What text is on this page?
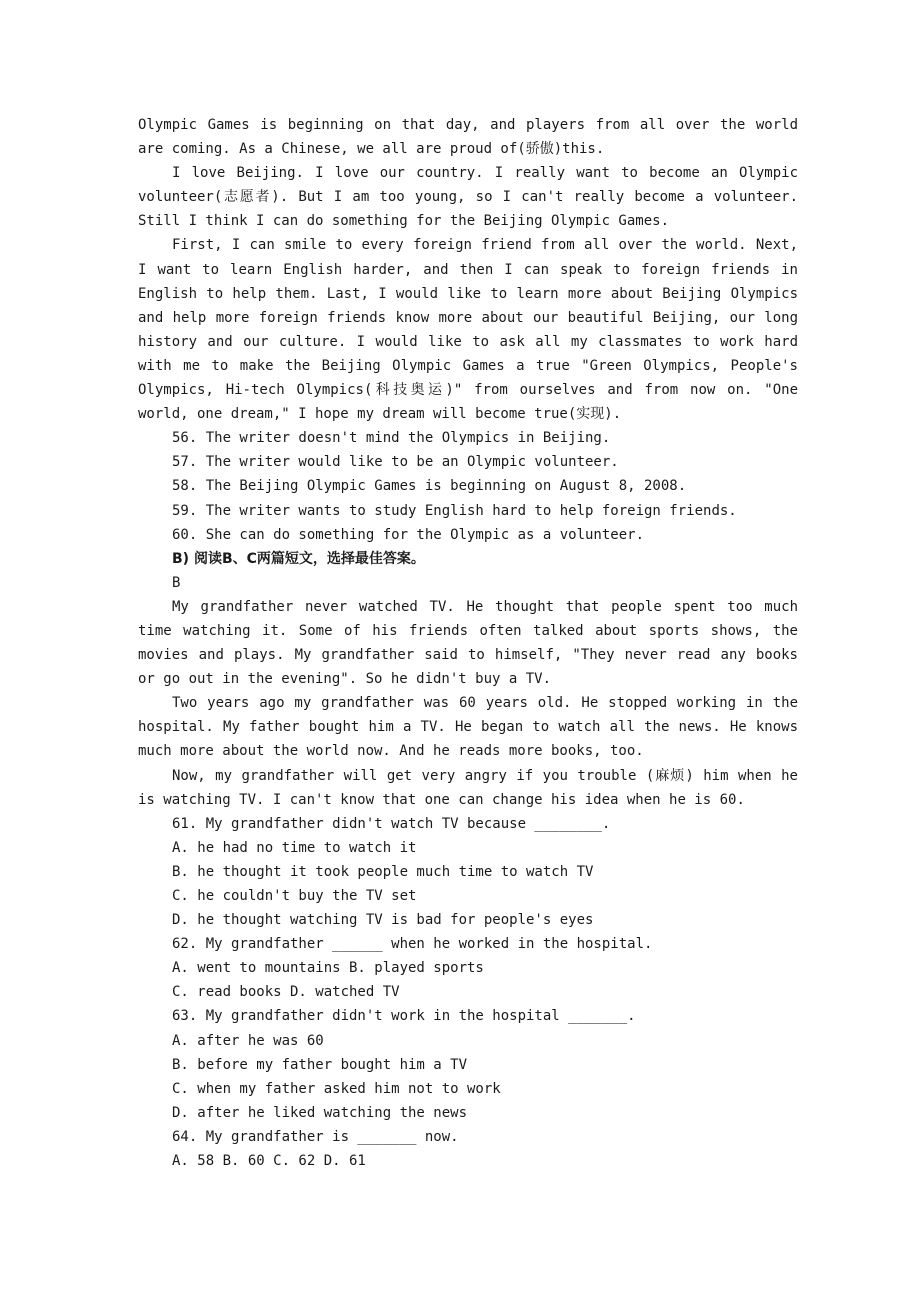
Olympic Games is beginning on that day, and players from all over the world are coming. As a Chinese, we all are proud of(骄傲)this.

I love Beijing. I love our country. I really want to become an Olympic volunteer(志愿者). But I am too young, so I can't really become a volunteer. Still I think I can do something for the Beijing Olympic Games.

First, I can smile to every foreign friend from all over the world. Next, I want to learn English harder, and then I can speak to foreign friends in English to help them. Last, I would like to learn more about Beijing Olympics and help more foreign friends know more about our beautiful Beijing, our long history and our culture. I would like to ask all my classmates to work hard with me to make the Beijing Olympic Games a true "Green Olympics, People's Olympics, Hi-tech Olympics(科技奥运)" from ourselves and from now on. "One world, one dream," I hope my dream will become true(实现).

56. The writer doesn't mind the Olympics in Beijing.

57. The writer would like to be an Olympic volunteer.

58. The Beijing Olympic Games is beginning on August 8, 2008.

59. The writer wants to study English hard to help foreign friends.

60. She can do something for the Olympic as a volunteer.

B) 阅读B、C两篇短文，选择最佳答案。

B

My grandfather never watched TV. He thought that people spent too much time watching it. Some of his friends often talked about sports shows, the movies and plays. My grandfather said to himself, "They never read any books or go out in the evening". So he didn't buy a TV.

Two years ago my grandfather was 60 years old. He stopped working in the hospital. My father bought him a TV. He began to watch all the news. He knows much more about the world now. And he reads more books, too.

Now, my grandfather will get very angry if you trouble (麻烦) him when he is watching TV. I can't know that one can change his idea when he is 60.

61. My grandfather didn't watch TV because ________.

A. he had no time to watch it

B. he thought it took people much time to watch TV

C. he couldn't buy the TV set

D. he thought watching TV is bad for people's eyes

62. My grandfather ______ when he worked in the hospital.

A. went to mountains B. played sports

C. read books D. watched TV

63. My grandfather didn't work in the hospital _______.

A. after he was 60

B. before my father bought him a TV

C. when my father asked him not to work

D. after he liked watching the news

64. My grandfather is _______ now.

A. 58 B. 60 C. 62 D. 61
